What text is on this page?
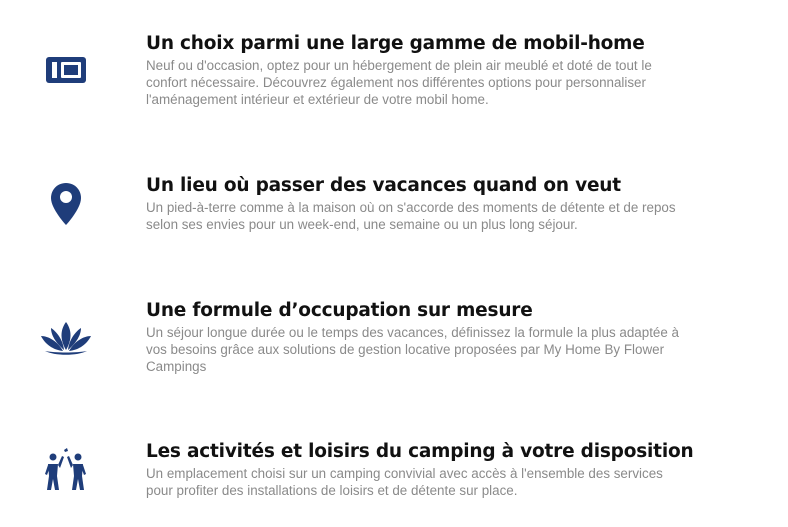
Un choix parmi une large gamme de mobil-home

Neuf ou d'occasion, optez pour un hébergement de plein air meublé et doté de tout le
confort nécessaire. Découvrez également nos différentes options pour personnaliser
l'aménagement intérieur et extérieur de votre mobil home.

Un lieu où passer des vacances quand on veut

Un pied-à-terre comme à la maison où on s'accorde des moments de détente et de repos
selon ses envies pour un week-end, une semaine ou un plus long séjour.

Une formule d’occupation sur mesure

Un séjour longue durée ou le temps des vacances, définissez la formule la plus adaptée à
vos besoins grâce aux solutions de gestion locative proposées par My Home By Flower
Campings

Les activités et loisirs du camping à votre disposition

Un emplacement choisi sur un camping convivial avec accès à l'ensemble des services
pour profiter des installations de loisirs et de détente sur place.
